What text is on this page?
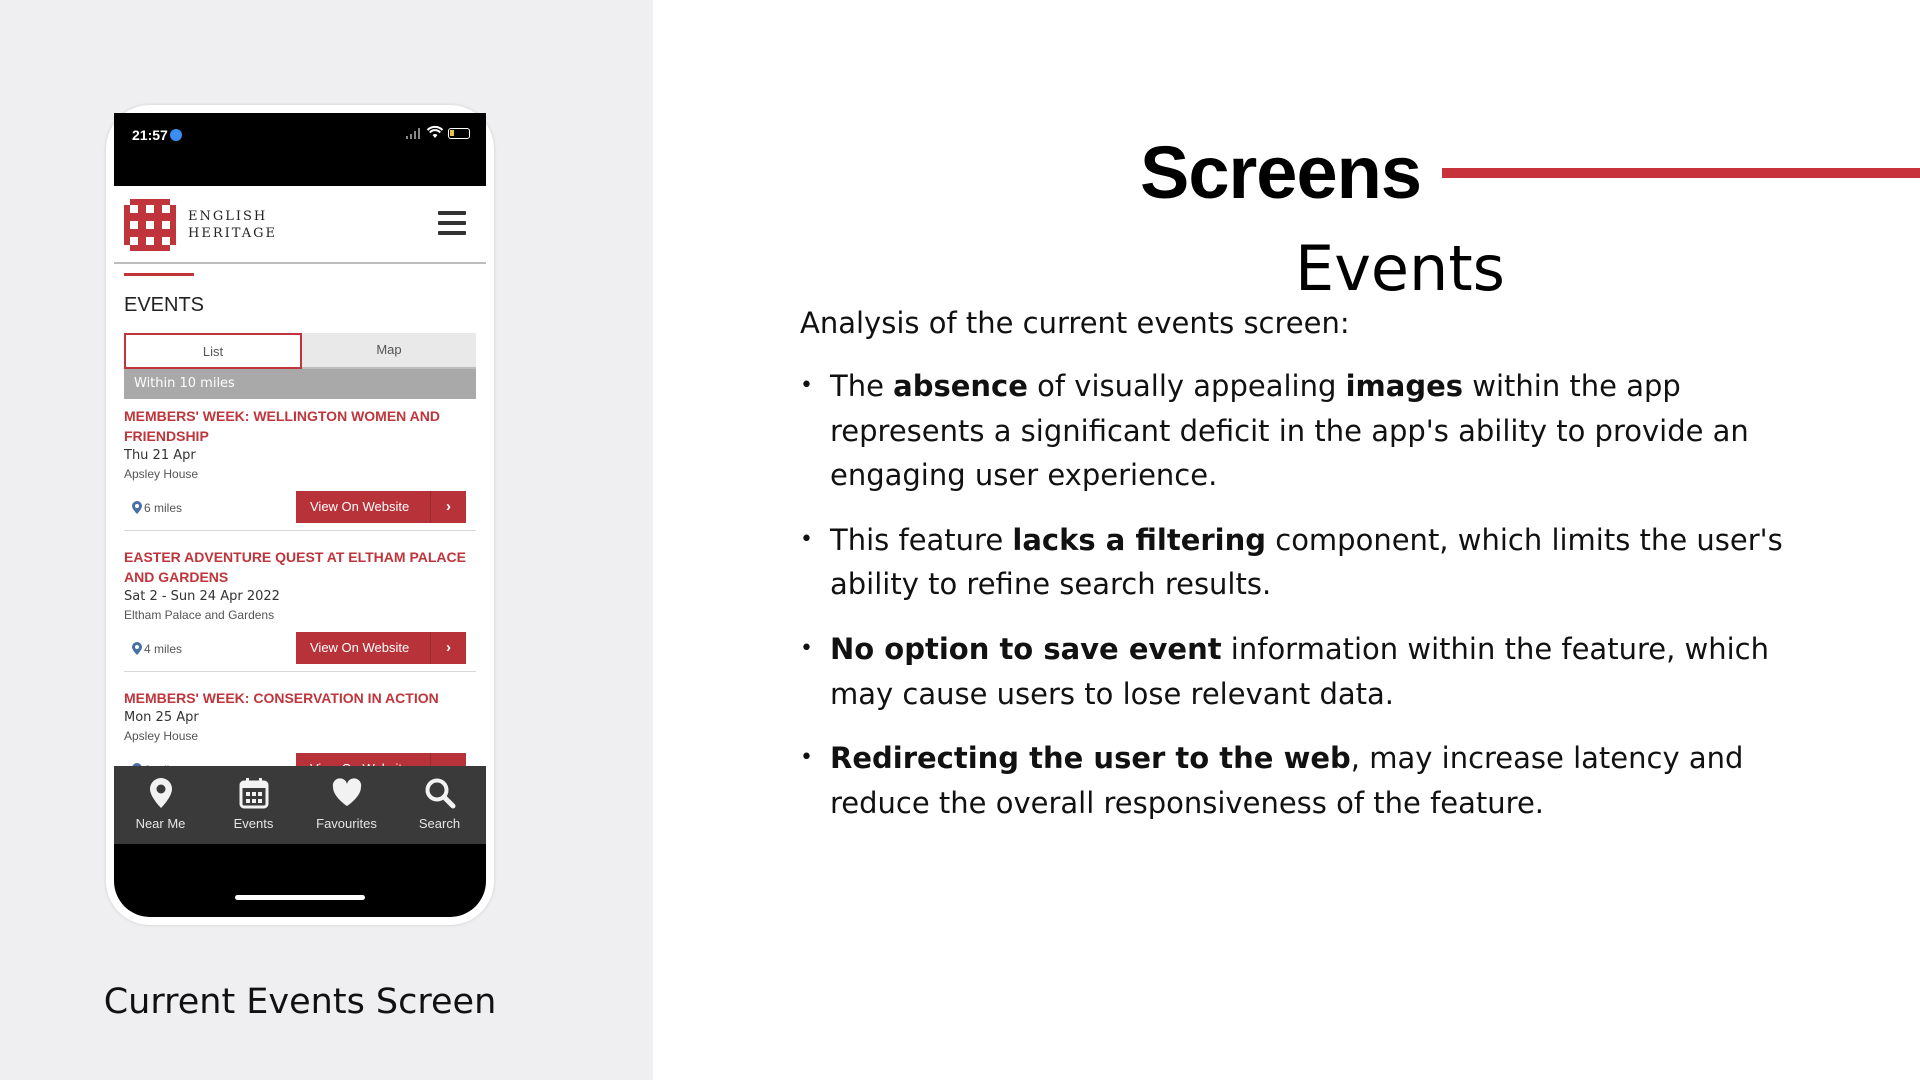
21:57
ENGLISH
HERITAGE
EVENTS
List	Map
Within 10 miles
MEMBERS' WEEK: WELLINGTON WOMEN AND FRIENDSHIP
Thu 21 Apr
Apsley House
6 miles	View On Website	›
EASTER ADVENTURE QUEST AT ELTHAM PALACE AND GARDENS
Sat 2 - Sun 24 Apr 2022
Eltham Palace and Gardens
4 miles	View On Website	›
MEMBERS' WEEK: CONSERVATION IN ACTION
Mon 25 Apr
Apsley House
Near Me	Events	Favourites	Search
Current Events Screen
Screens
Events
Analysis of the current events screen:
• The absence of visually appealing images within the app represents a significant deficit in the app's ability to provide an engaging user experience.
• This feature lacks a filtering component, which limits the user's ability to refine search results.
• No option to save event information within the feature, which may cause users to lose relevant data.
• Redirecting the user to the web, may increase latency and reduce the overall responsiveness of the feature.
